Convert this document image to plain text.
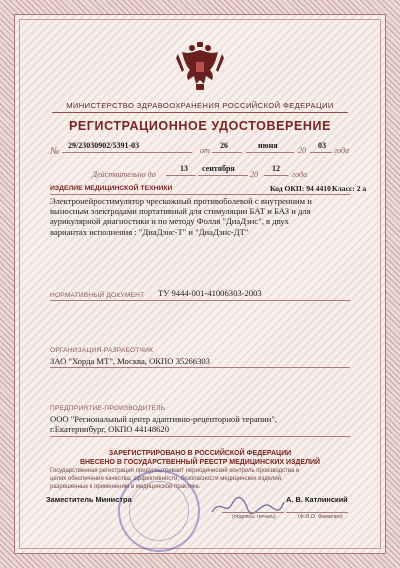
МИНИСТЕРСТВО ЗДРАВООХРАНЕНИЯ РОССИЙСКОЙ ФЕДЕРАЦИИ
РЕГИСТРАЦИОННОЕ УДОСТОВЕРЕНИЕ
№
29/23030902/5391-03
от
26	июня
20
03
года
Действительно до
13 сентября
20
12
года
ИЗДЕЛИЕ МЕДИЦИНСКОЙ ТЕХНИКИ	Код ОКП: 94 4410 Класс: 2 а
Электронейростимулятор чрескожный противоболевой с внутренним и
выносным электродами портативный для стимуляции БАТ и БАЗ и для
аурикулярной диагностики и по методу Фолля "ДиаДэнс", в двух
вариантах исполнения : "ДиаДэнс-Т" и "ДиаДэнс-ДТ"
НОРМАТИВНЫЙ ДОКУМЕНТ ТУ 9444-001-41006303-2003
ОРГАНИЗАЦИЯ-РАЗРАБОТЧИК
ЗАО "Хорда МТ", Москва, ОКПО 35266303
ПРЕДПРИЯТИЕ-ПРОИЗВОДИТЕЛЬ
ООО "Региональный центр адаптивно-рецепторной терапии",
г.Екатеринбург, ОКПО 44148620
ЗАРЕГИСТРИРОВАНО В РОССИЙСКОЙ ФЕДЕРАЦИИ
ВНЕСЕНО В ГОСУДАРСТВЕННЫЙ РЕЕСТР МЕДИЦИНСКИХ ИЗДЕЛИЙ
Государственная регистрация предусматривает периодический контроль производства в
целях обеспечения качества, эффективности, безопасности медицинских изделий,
разрешенных к применению в медицинской практике.
Заместитель Министра	А. В. Катлинский
(подпись, печать)	(Ф.И.О. Фамилия)
